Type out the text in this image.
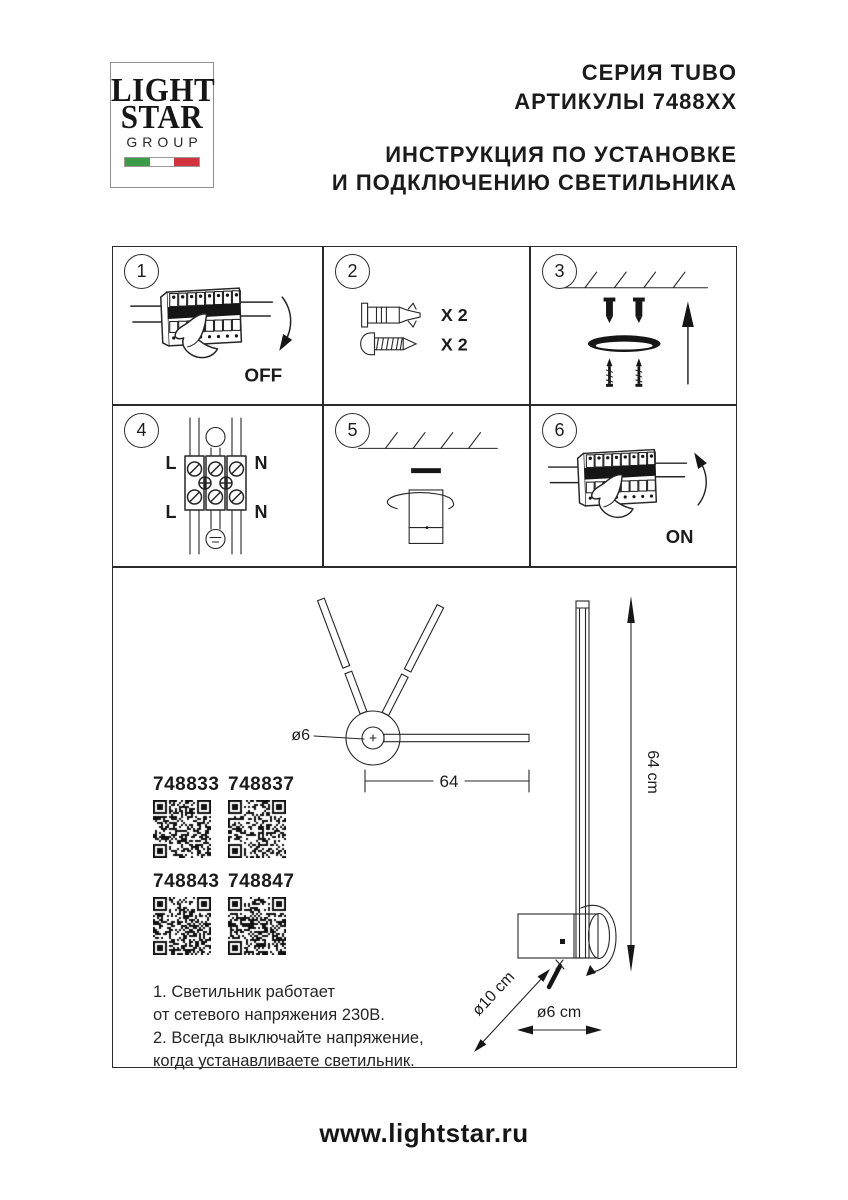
LIGHT
STAR
GROUP
СЕРИЯ TUBO
АРТИКУЛЫ 7488XX
ИНСТРУКЦИЯ ПО УСТАНОВКЕ
И ПОДКЛЮЧЕНИЮ СВЕТИЛЬНИКА
1
OFF
2
X 2
X 2
3
4
L	N
L	N
5	6
ON
ø6
64	64 cm
ø10 cm ø6 cm
748833 748837
748843 748847
1. Светильник работает
от сетевого напряжения 230В.
2. Всегда выключайте напряжение,
когда устанавливаете светильник.
www.lightstar.ru
